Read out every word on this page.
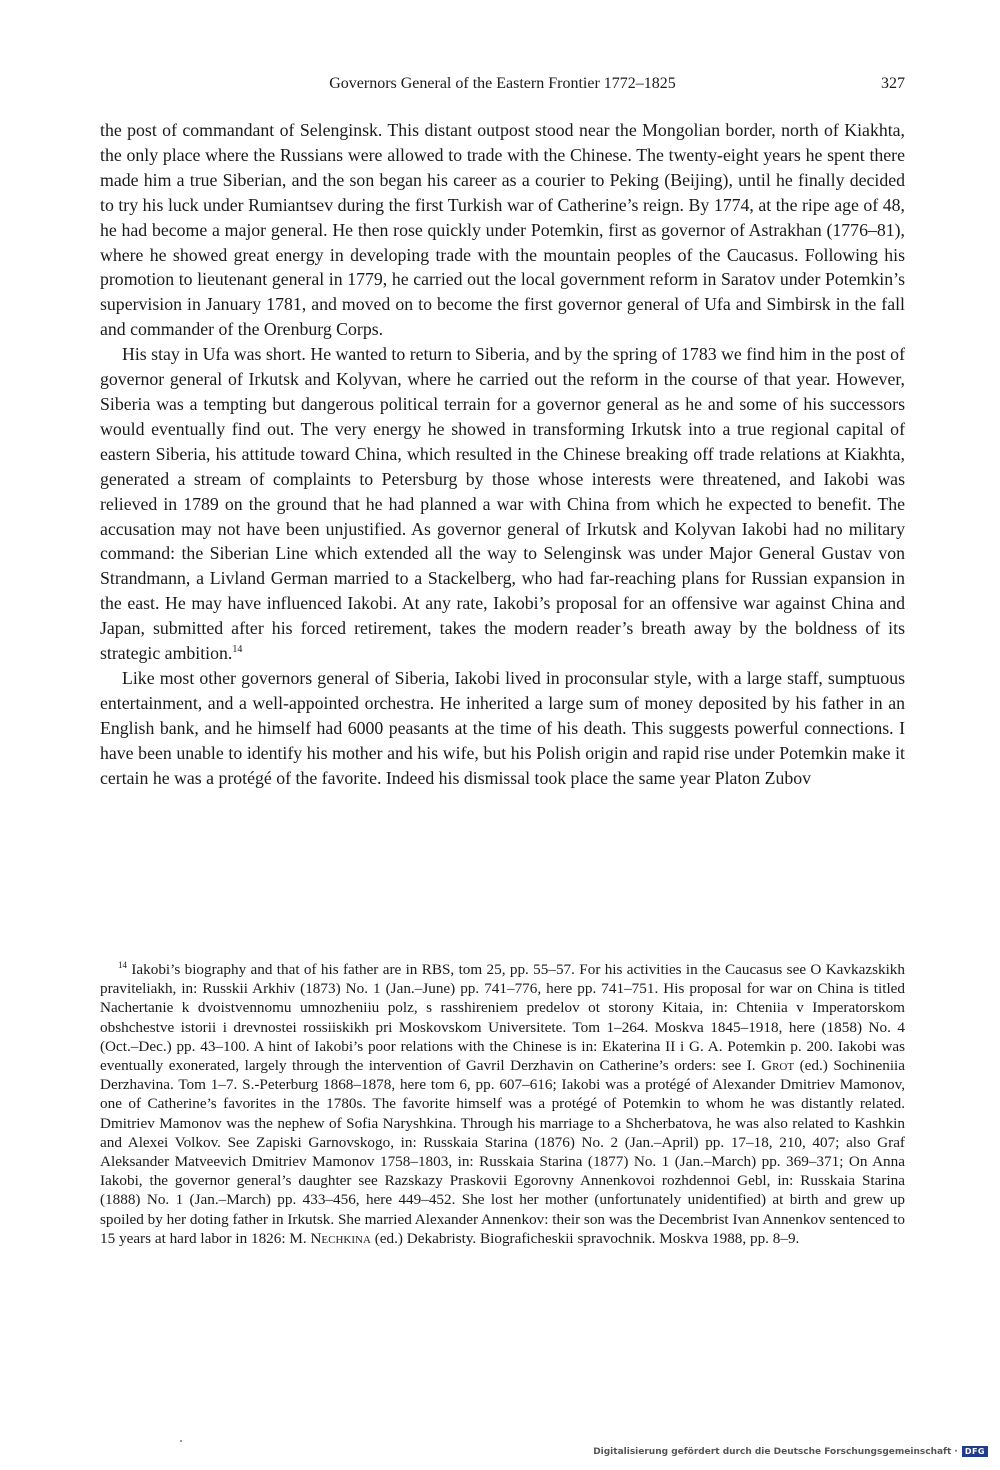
Governors General of the Eastern Frontier 1772–1825	327

the post of commandant of Selenginsk. This distant outpost stood near the Mongolian border, north of Kiakhta, the only place where the Russians were allowed to trade with the Chinese. The twenty-eight years he spent there made him a true Siberian, and the son began his career as a courier to Peking (Beijing), until he finally decided to try his luck under Rumiantsev during the first Turkish war of Catherine’s reign. By 1774, at the ripe age of 48, he had become a major general. He then rose quickly under Potemkin, first as governor of Astrakhan (1776–81), where he showed great energy in developing trade with the mountain peoples of the Caucasus. Following his promotion to lieutenant general in 1779, he carried out the local government reform in Saratov under Potemkin’s supervision in January 1781, and moved on to become the first governor general of Ufa and Simbirsk in the fall and commander of the Orenburg Corps.

His stay in Ufa was short. He wanted to return to Siberia, and by the spring of 1783 we find him in the post of governor general of Irkutsk and Kolyvan, where he carried out the reform in the course of that year. However, Siberia was a tempting but dangerous political terrain for a governor general as he and some of his successors would eventually find out. The very energy he showed in transforming Irkutsk into a true regional capital of eastern Siberia, his attitude toward China, which resulted in the Chinese breaking off trade relations at Kiakhta, generated a stream of complaints to Petersburg by those whose interests were threatened, and Iakobi was relieved in 1789 on the ground that he had planned a war with China from which he expected to benefit. The accusation may not have been unjustified. As governor general of Irkutsk and Kolyvan Iakobi had no military command: the Siberian Line which extended all the way to Selenginsk was under Major General Gustav von Strandmann, a Livland German married to a Stackelberg, who had far-reaching plans for Russian expansion in the east. He may have influenced Iakobi. At any rate, Iakobi’s proposal for an offensive war against China and Japan, submitted after his forced retirement, takes the modern reader’s breath away by the boldness of its strategic ambition.$^{14}$

Like most other governors general of Siberia, Iakobi lived in proconsular style, with a large staff, sumptuous entertainment, and a well-appointed orchestra. He inherited a large sum of money deposited by his father in an English bank, and he himself had 6000 peasants at the time of his death. This suggests powerful connections. I have been unable to identify his mother and his wife, but his Polish origin and rapid rise under Potemkin make it certain he was a protégé of the favorite. Indeed his dismissal took place the same year Platon Zubov

$^{14}$ Iakobi’s biography and that of his father are in RBS, tom 25, pp. 55–57. For his activities in the Caucasus see O Kavkazskikh praviteliakh, in: Russkii Arkhiv (1873) No. 1 (Jan.–June) pp. 741–776, here pp. 741–751. His proposal for war on China is titled Nachertanie k dvoistvennomu umnozheniiu polz, s rasshireniem predelov ot storony Kitaia, in: Chteniia v Imperatorskom obshchestve istorii i drevnostei rossiiskikh pri Moskovskom Universitete. Tom 1–264. Moskva 1845–1918, here (1858) No. 4 (Oct.–Dec.) pp. 43–100. A hint of Iakobi’s poor relations with the Chinese is in: Ekaterina II i G. A. Potemkin p. 200. Iakobi was eventually exonerated, largely through the intervention of Gavril Derzhavin on Catherine’s orders: see I. Grot (ed.) Sochineniia Derzhavina. Tom 1–7. S.-Peterburg 1868–1878, here tom 6, pp. 607–616; Iakobi was a protégé of Alexander Dmitriev Mamonov, one of Catherine’s favorites in the 1780s. The favorite himself was a protégé of Potemkin to whom he was distantly related. Dmitriev Mamonov was the nephew of Sofia Naryshkina. Through his marriage to a Shcherbatova, he was also related to Kashkin and Alexei Volkov. See Zapiski Garnovskogo, in: Russkaia Starina (1876) No. 2 (Jan.–April) pp. 17–18, 210, 407; also Graf Aleksander Matveevich Dmitriev Mamonov 1758–1803, in: Russkaia Starina (1877) No. 1 (Jan.–March) pp. 369–371; On Anna Iakobi, the governor general’s daughter see Razskazy Praskovii Egorovny Annenkovoi rozhdennoi Gebl, in: Russkaia Starina (1888) No. 1 (Jan.–March) pp. 433–456, here 449–452. She lost her mother (unfortunately unidentified) at birth and grew up spoiled by her doting father in Irkutsk. She married Alexander Annenkov: their son was the Decembrist Ivan Annenkov sentenced to 15 years at hard labor in 1826: M. Nechkina (ed.) Dekabristy. Biograficheskii spravochnik. Moskva 1988, pp. 8–9.

Digitalisierung gefördert durch die Deutsche Forschungsgemeinschaft · DFG
